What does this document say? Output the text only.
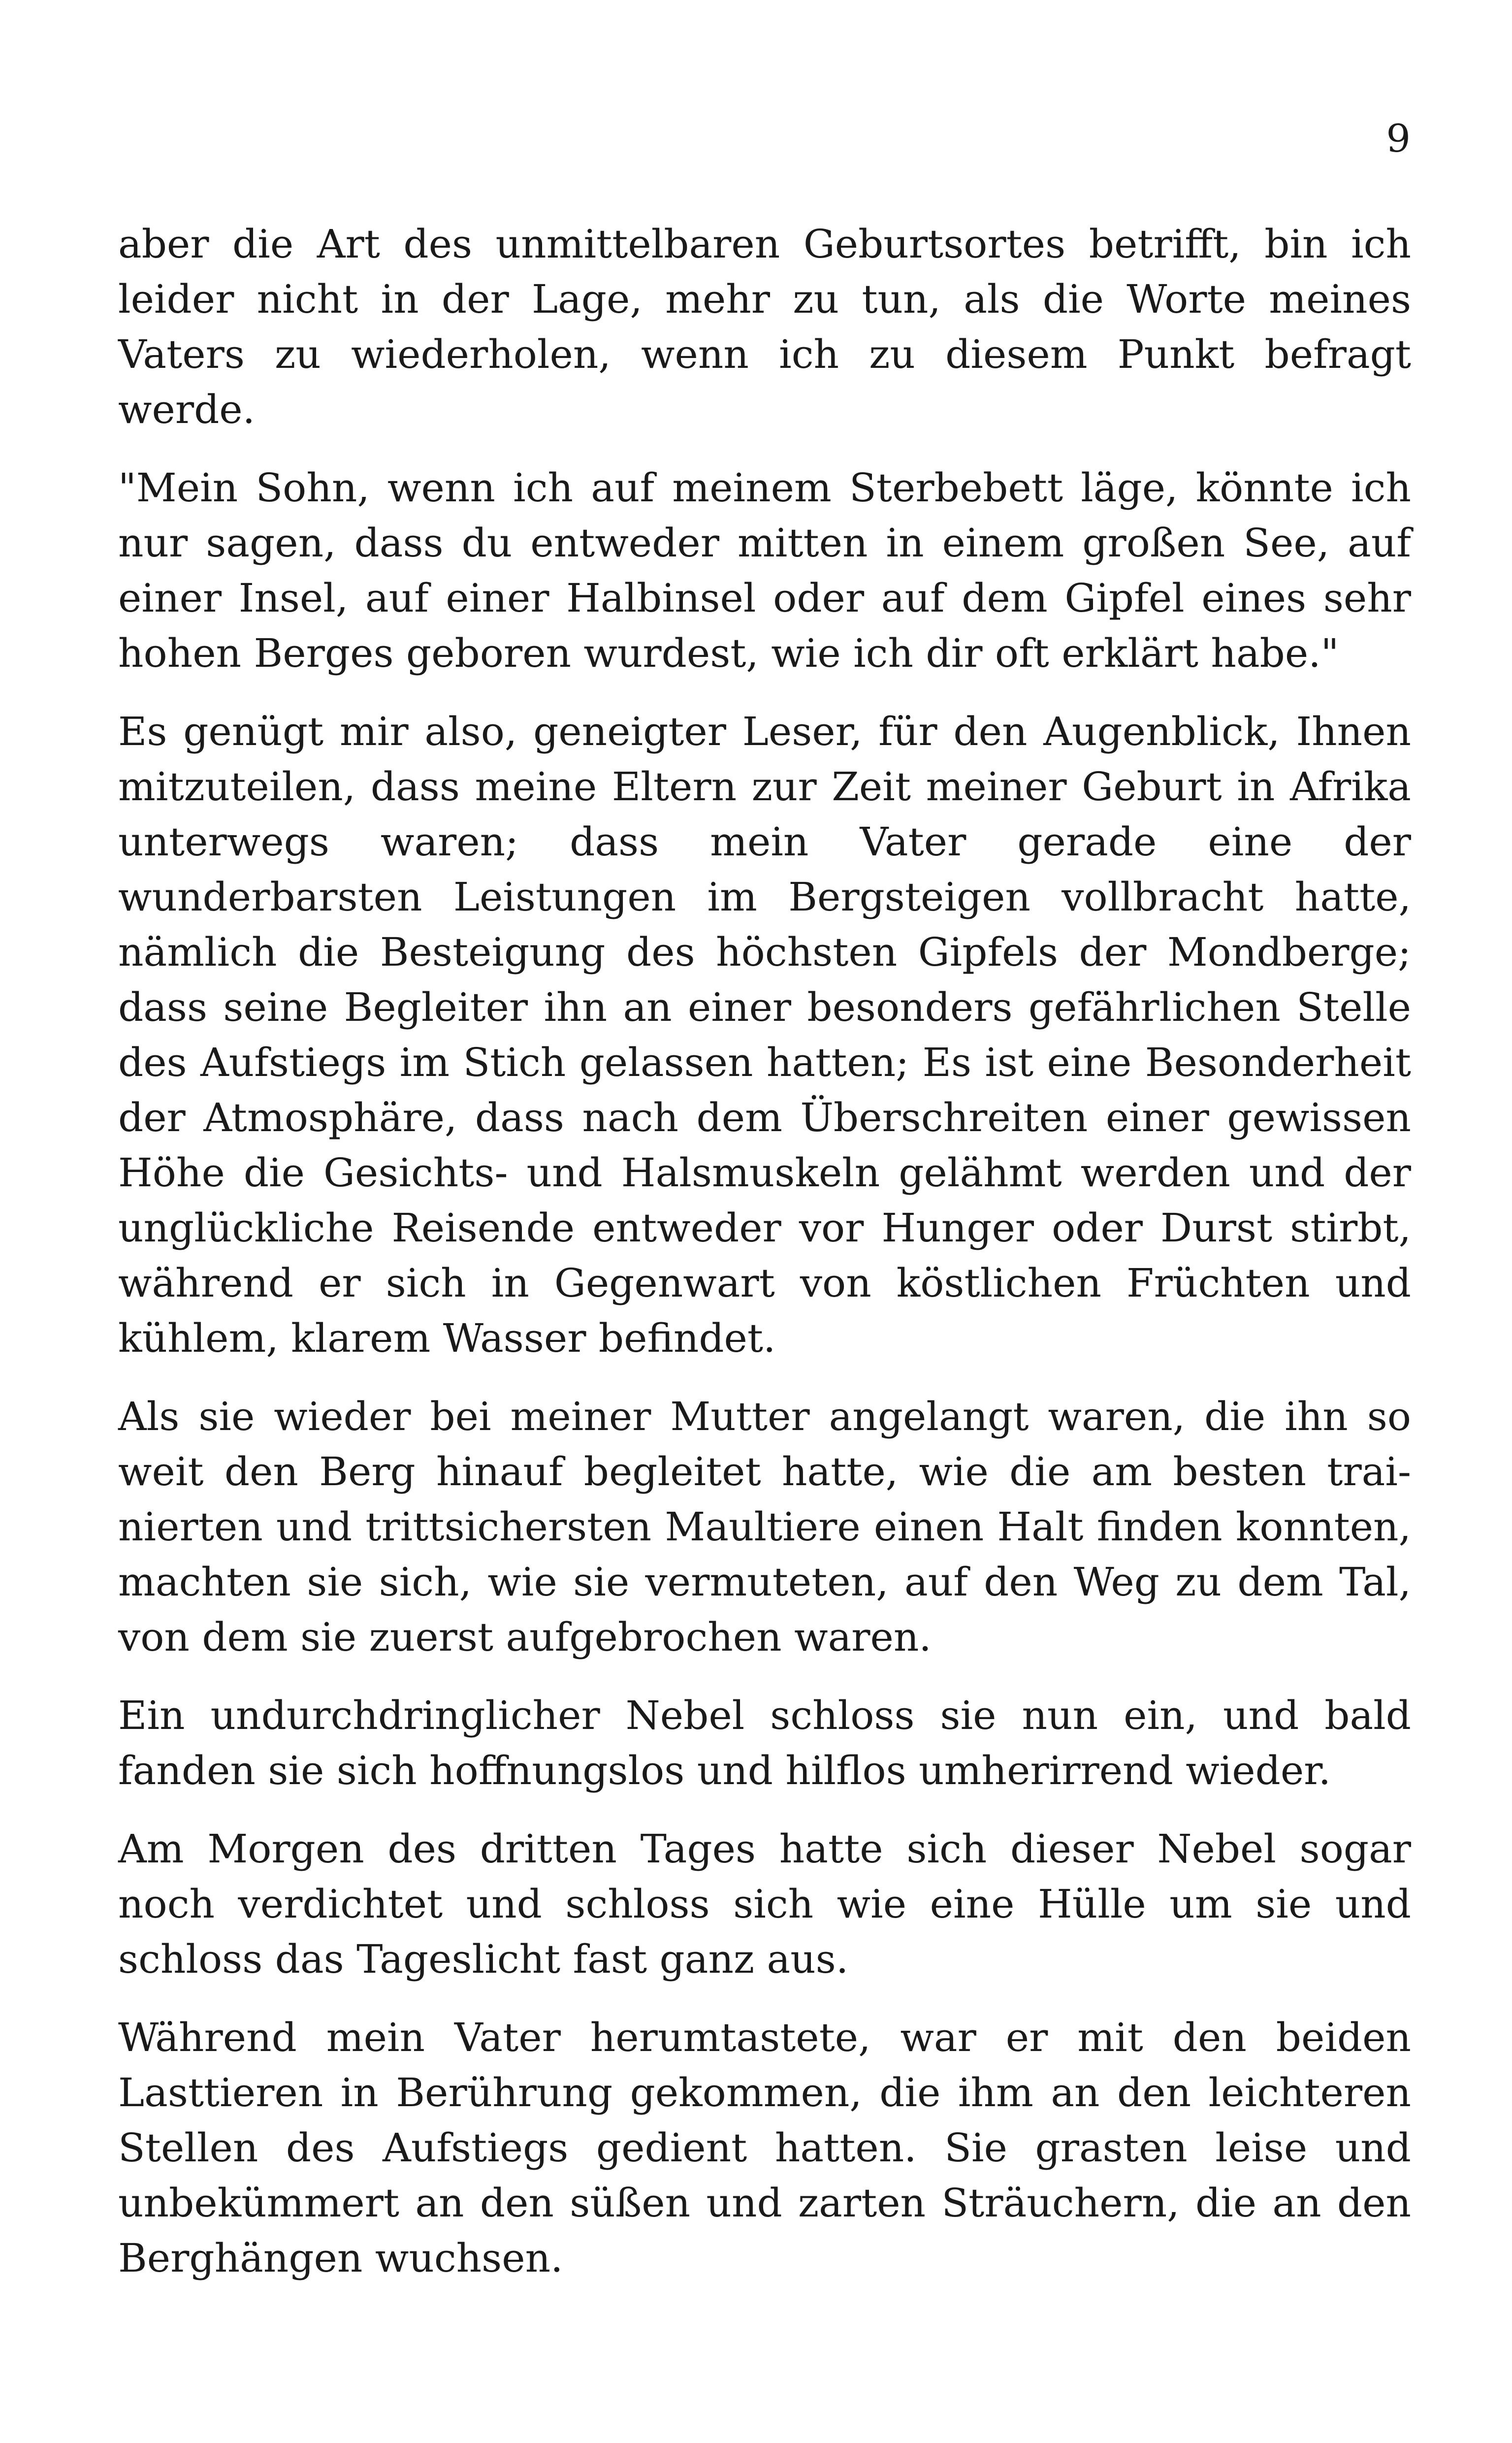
9

aber die Art des unmittelbaren Geburtsortes betrifft, bin ich leider nicht in der Lage, mehr zu tun, als die Worte meines Vaters zu wiederholen, wenn ich zu diesem Punkt befragt werde.

"Mein Sohn, wenn ich auf meinem Sterbebett läge, könnte ich nur sagen, dass du entweder mitten in einem großen See, auf einer Insel, auf einer Halbinsel oder auf dem Gipfel eines sehr hohen Berges geboren wurdest, wie ich dir oft erklärt habe."

Es genügt mir also, geneigter Leser, für den Augenblick, Ihnen mitzuteilen, dass meine Eltern zur Zeit meiner Geburt in Afrika unterwegs waren; dass mein Vater gerade eine der wunderbarsten Leistungen im Bergsteigen vollbracht hatte, nämlich die Besteigung des höchsten Gipfels der Mondberge; dass seine Begleiter ihn an einer besonders gefährlichen Stelle des Aufstiegs im Stich gelassen hatten; Es ist eine Besonderheit der Atmosphäre, dass nach dem Überschreiten einer gewissen Höhe die Gesichts- und Halsmuskeln gelähmt werden und der unglückliche Reisende entweder vor Hunger oder Durst stirbt, während er sich in Gegenwart von köstlichen Früchten und kühlem, klarem Wasser befindet.

Als sie wieder bei meiner Mutter angelangt waren, die ihn so weit den Berg hinauf begleitet hatte, wie die am besten trainierten und trittsichersten Maultiere einen Halt finden konnten, machten sie sich, wie sie vermuteten, auf den Weg zu dem Tal, von dem sie zuerst aufgebrochen waren.

Ein undurchdringlicher Nebel schloss sie nun ein, und bald fanden sie sich hoffnungslos und hilflos umherirrend wieder.

Am Morgen des dritten Tages hatte sich dieser Nebel sogar noch verdichtet und schloss sich wie eine Hülle um sie und schloss das Tageslicht fast ganz aus.

Während mein Vater herumtastete, war er mit den beiden Lasttieren in Berührung gekommen, die ihm an den leichteren Stellen des Aufstiegs gedient hatten. Sie grasten leise und unbekümmert an den süßen und zarten Sträuchern, die an den Berghängen wuchsen.
